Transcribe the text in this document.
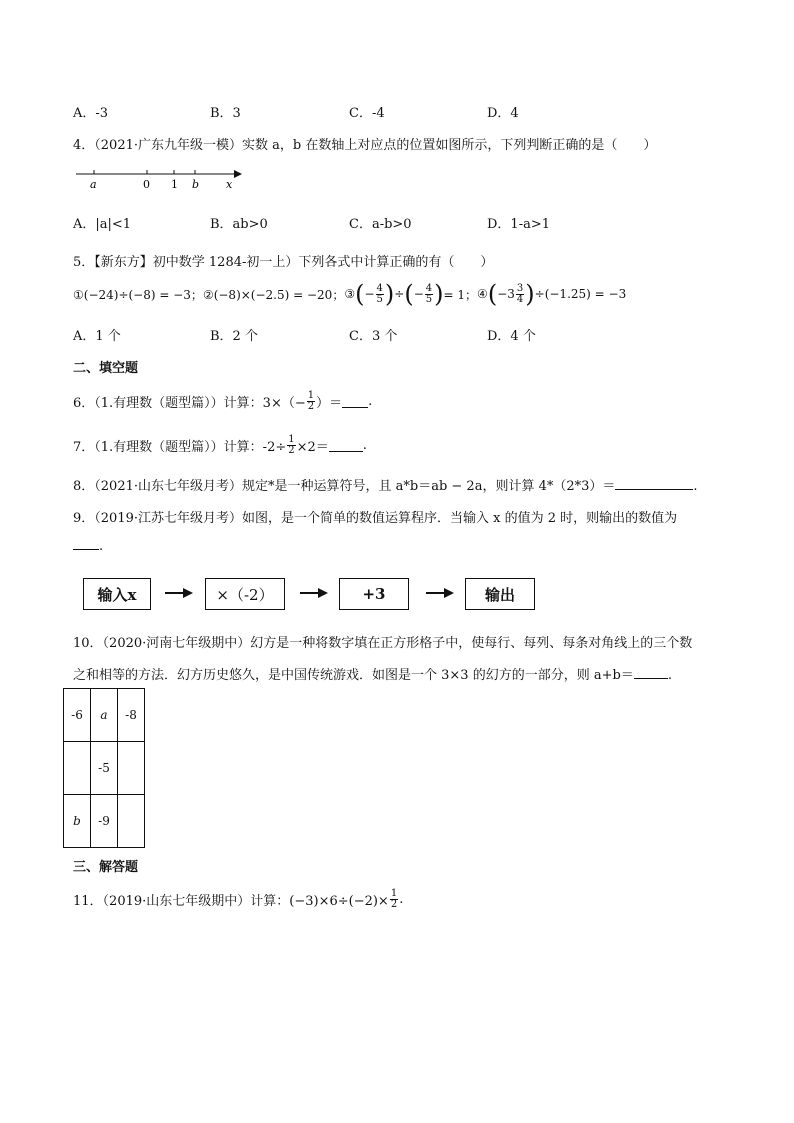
A．-3	B．3	C．-4	D．4
4．（2021·广东九年级一模）实数 a，b 在数轴上对应点的位置如图所示，下列判断正确的是（　　）
a	0 1 b x
A．|a|<1	B．ab>0	C．a-b>0	D．1-a>1
5．【新东方】初中数学 1284-初一上）下列各式中计算正确的有（　　）
①(−24)÷(−8) = −3； ②(−8)×(−2.5) = −20； ③ ( − $\frac{4}{5}$ ) ÷ ( − $\frac{4}{5}$ ) = 1； ④ ( $-3 \frac{3}{4}$ ) ÷(−1.25) = −3
A．1 个	B．2 个	C．3 个	D．4 个
二、填空题
6．（1.有理数（题型篇））计算：$3\times(- \frac{1}{2}$ ）＝ .
7．（1.有理数（题型篇））计算：$-2\div \frac{1}{2} \times 2=$	.
8．（2021·山东七年级月考）规定*是一种运算符号，且 a*b＝ab − 2a，则计算 4*（2*3）＝	.
9．（2019·江苏七年级月考）如图，是一个简单的数值运算程序．当输入 x 的值为 2 时，则输出的数值为
.
输入x	×（-2）	+3	输出
10．（2020·河南七年级期中）幻方是一种将数字填在正方形格子中，使每行、每列、每条对角线上的三个数
之和相等的方法．幻方历史悠久，是中国传统游戏．如图是一个 3×3 的幻方的一部分，则 a+b＝	.
-6	a	-8
	-5	
b	-9	
三、解答题
11．（2019·山东七年级期中）计算：$(-3)\times 6\div(-2)\times \frac{1}{2}$ .
